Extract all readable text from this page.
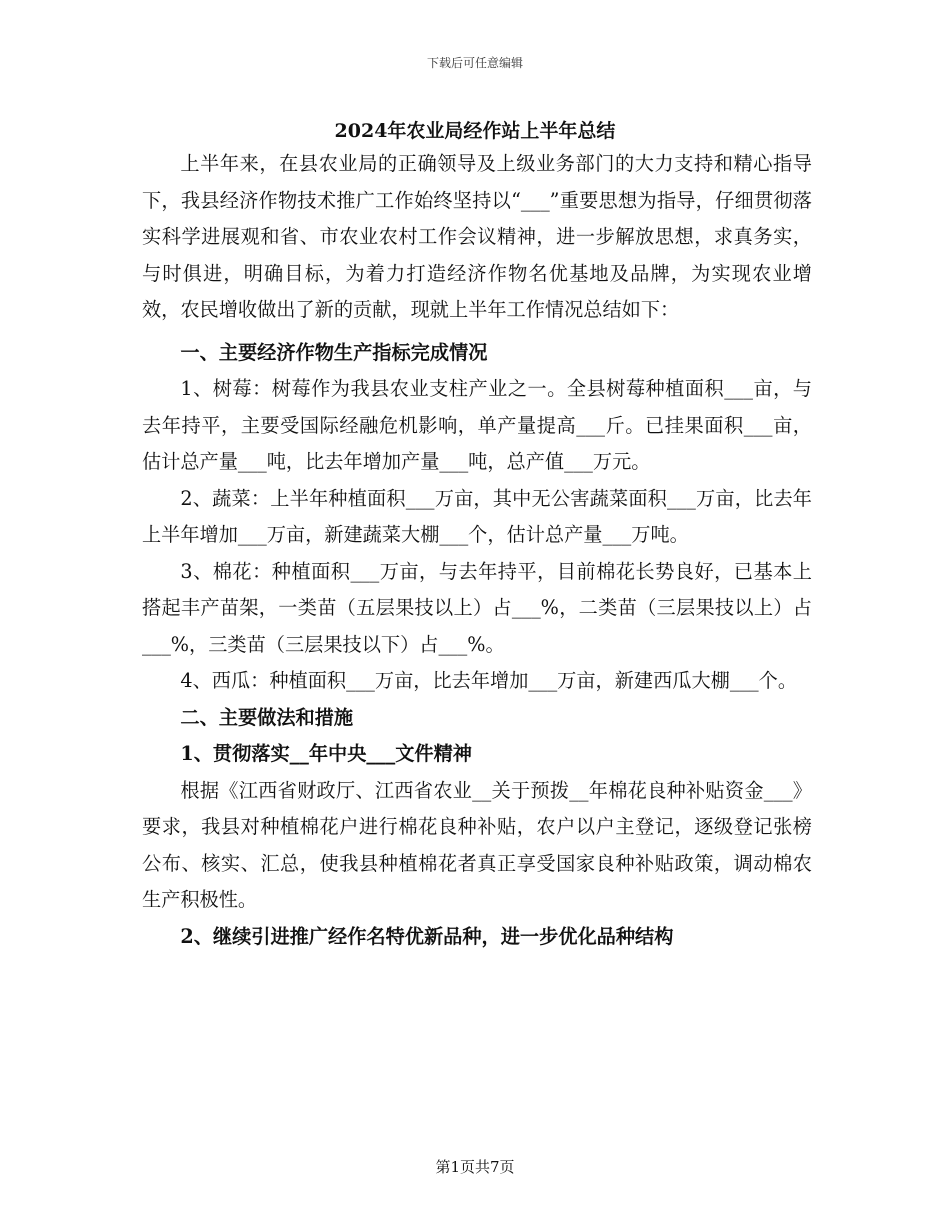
下载后可任意编辑
2024年农业局经作站上半年总结

上半年来，在县农业局的正确领导及上级业务部门的大力支持和精心指导下，我县经济作物技术推广工作始终坚持以“___”重要思想为指导，仔细贯彻落实科学进展观和省、市农业农村工作会议精神，进一步解放思想，求真务实，与时俱进，明确目标，为着力打造经济作物名优基地及品牌，为实现农业增效，农民增收做出了新的贡献，现就上半年工作情况总结如下：

一、主要经济作物生产指标完成情况

1、树莓：树莓作为我县农业支柱产业之一。全县树莓种植面积___亩，与去年持平，主要受国际经融危机影响，单产量提高___斤。已挂果面积___亩，估计总产量___吨，比去年增加产量___吨，总产值___万元。

2、蔬菜：上半年种植面积___万亩，其中无公害蔬菜面积___万亩，比去年上半年增加___万亩，新建蔬菜大棚___个，估计总产量___万吨。

3、棉花：种植面积___万亩，与去年持平，目前棉花长势良好，已基本上搭起丰产苗架，一类苗（五层果技以上）占___%，二类苗（三层果技以上）占___%，三类苗（三层果技以下）占___%。

4、西瓜：种植面积___万亩，比去年增加___万亩，新建西瓜大棚___个。

二、主要做法和措施
1、贯彻落实__年中央___文件精神

根据《江西省财政厅、江西省农业__关于预拨__年棉花良种补贴资金___》要求，我县对种植棉花户进行棉花良种补贴，农户以户主登记，逐级登记张榜公布、核实、汇总，使我县种植棉花者真正享受国家良种补贴政策，调动棉农生产积极性。

2、继续引进推广经作名特优新品种，进一步优化品种结构
第1页共7页
